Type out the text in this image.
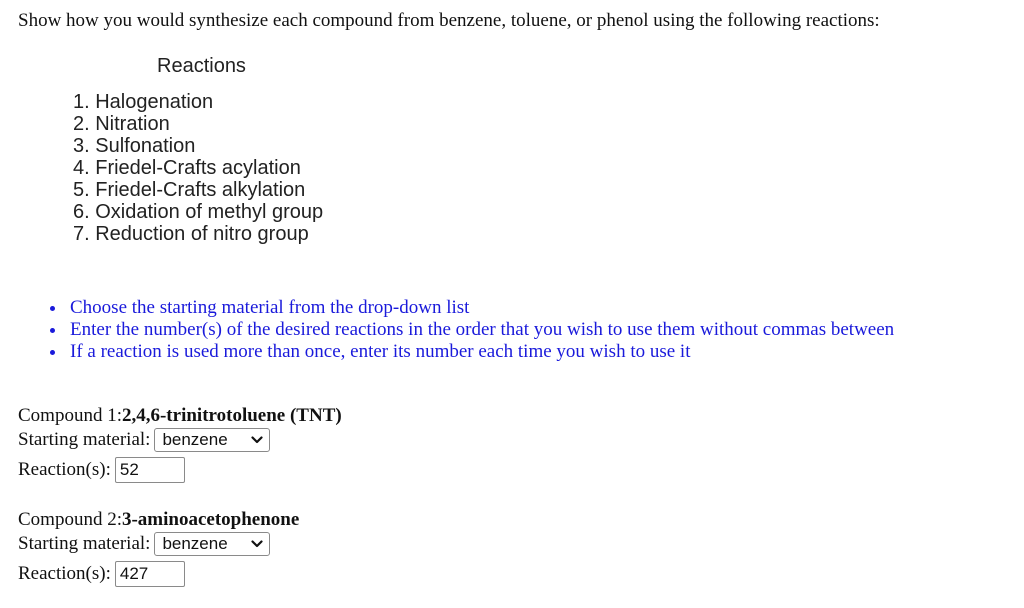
Show how you would synthesize each compound from benzene, toluene, or phenol using the following reactions:
Reactions
1. Halogenation
2. Nitration
3. Sulfonation
4. Friedel-Crafts acylation
5. Friedel-Crafts alkylation
6. Oxidation of methyl group
7. Reduction of nitro group
Choose the starting material from the drop-down list
Enter the number(s) of the desired reactions in the order that you wish to use them without commas between
If a reaction is used more than once, enter its number each time you wish to use it
Compound 1: 2,4,6-trinitrotoluene (TNT)
Starting material: benzene
Reaction(s): 52
Compound 2: 3-aminoacetophenone
Starting material: benzene
Reaction(s): 427
